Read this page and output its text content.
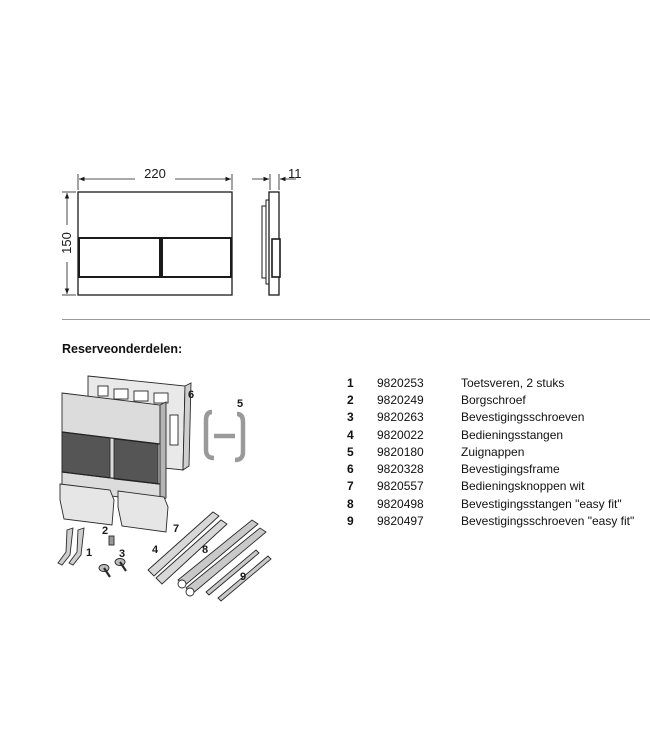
220
150
11
1
2
3 4
5
6
7
8
9
Reserveonderdelen:
1	9820253	Toetsveren, 2 stuks
2	9820249	Borgschroef
3	9820263	Bevestigingsschroeven
4	9820022	Bedieningsstangen
5	9820180	Zuignappen
6	9820328	Bevestigingsframe
7	9820557	Bedieningsknoppen wit
8	9820498	Bevestigingsstangen "easy fit"
9	9820497	Bevestigingsschroeven "easy fit"
